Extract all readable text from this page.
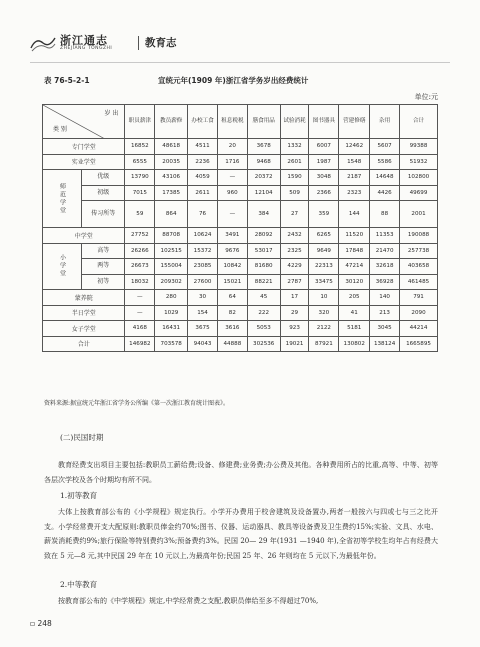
浙江通志
ZHEJIANG TONGZHI	教育志
表 76-5-2-1	宣统元年(1909 年)浙江省学务岁出经费统计
单位:元
岁 出
类 别		职员薪津	教员薪修	办校工食	租息税税	膳食用品	试验消耗	图书器具	营建修缮	杂用	合计
专门学堂		16852	48618	4511	20	3678	1332	6007	12462	5607	99388
实业学堂		6555	20035	2236	1716	9468	2601	1987	1548	5586	51932
师范学堂	优级	13790	43106	4059	—	20372	1590	3048	2187	14648	102800
	初级	7015	17385	2611	960	12104	509	2366	2323	4426	49699
	传习所等	59	864	76	—	384	27	359	144	88	2001
中学堂		27752	88708	10624	3491	28092	2432	6265	11520	11353	190088
小学堂	高等	26266	102515	15372	9676	53017	2325	9649	17848	21470	257738
	两等	26673	155004	23085	10842	81680	4229	22313	47214	32618	403658
	初等	18032	209302	27600	15021	88221	2787	33475	30120	36928	461485
蒙养院		—	280	30	64	45	17	10	205	140	791
半日学堂		—	1029	154	82	222	29	320	41	213	2090
女子学堂		4168	16431	3675	3616	5053	923	2122	5181	3045	44214
合计		146982	703578	94043	44888	302536	19021	87921	130802	138124	1665895
资料来源:据宣统元年浙江省学务公所编《第一次浙江教育统计图表》。
(二)民国时期
教育经费支出项目主要包括:教职员工薪给费;设备、修建费;业务费;办公费及其他。各种费用所占的比重,高等、中等、初等各层次学校及各个时期均有所不同。
1.初等教育
大体上按教育部公布的《小学规程》规定执行。小学开办费用于校舍建筑及设备置办,两者一般按六与四或七与三之比开支。小学经常费开支大配原则:教职员俸金约70%;图书、仪器、运动器具、教具等设备费及卫生费约15%;实验、文具、水电、薪炭消耗费约9%;旅行保险等特别费约3%;预备费约3%。民国 20— 29 年(1931 —1940 年),全省初等学校生均年占有经费大致在 5 元—8 元,其中民国 29 年在 10 元以上,为最高年份;民国 25 年、26 年则均在 5 元以下,为最低年份。
2.中等教育
按教育部公布的《中学规程》规定,中学经常费之支配,教职员俸给至多不得超过70%,
▫ 248
